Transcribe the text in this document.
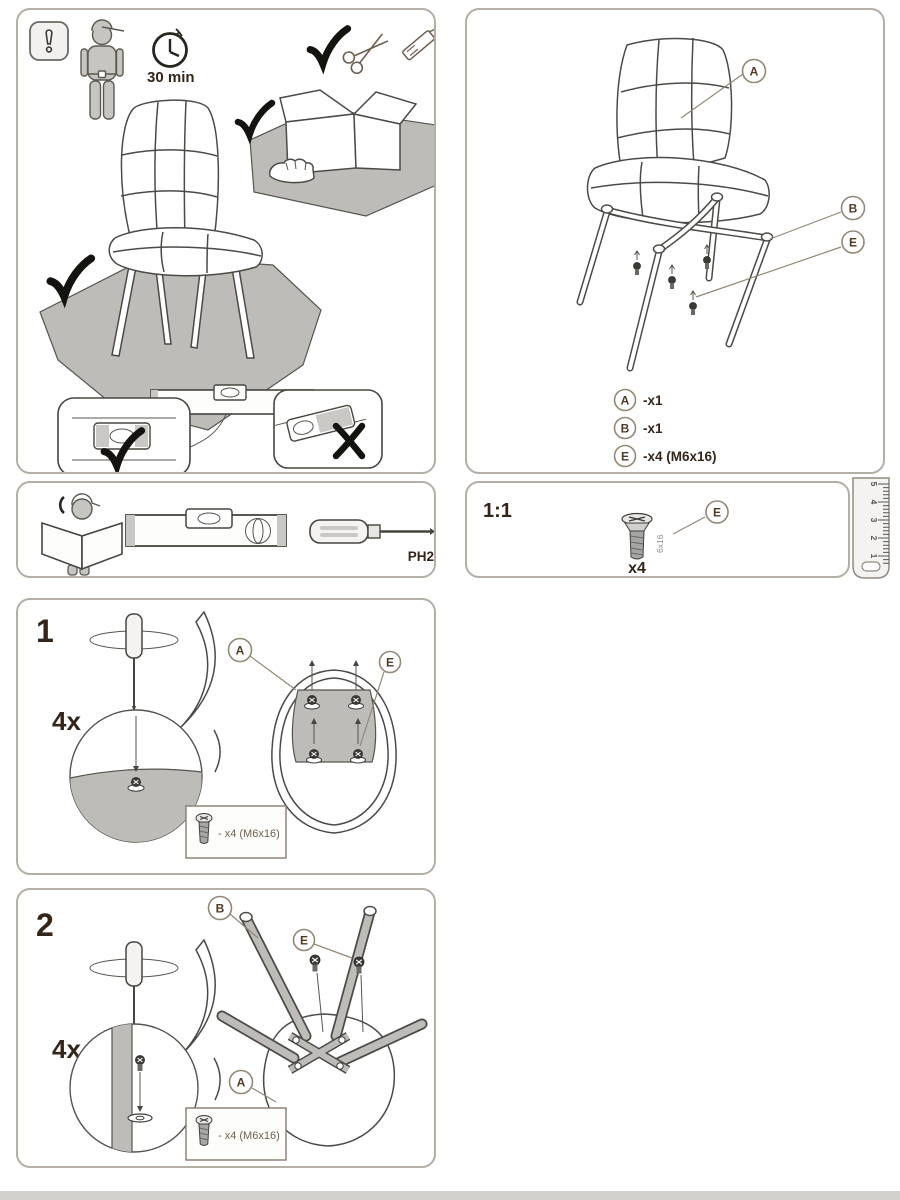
30 min	A
B
E
A -x1
B -x1
E -x4 (M6x16)
PH2
1:1
6x16
E
x4
5
4
3
2
1
1
4x
A
E
- x4 (M6x16)
2
4x
B
E
A
- x4 (M6x16)
